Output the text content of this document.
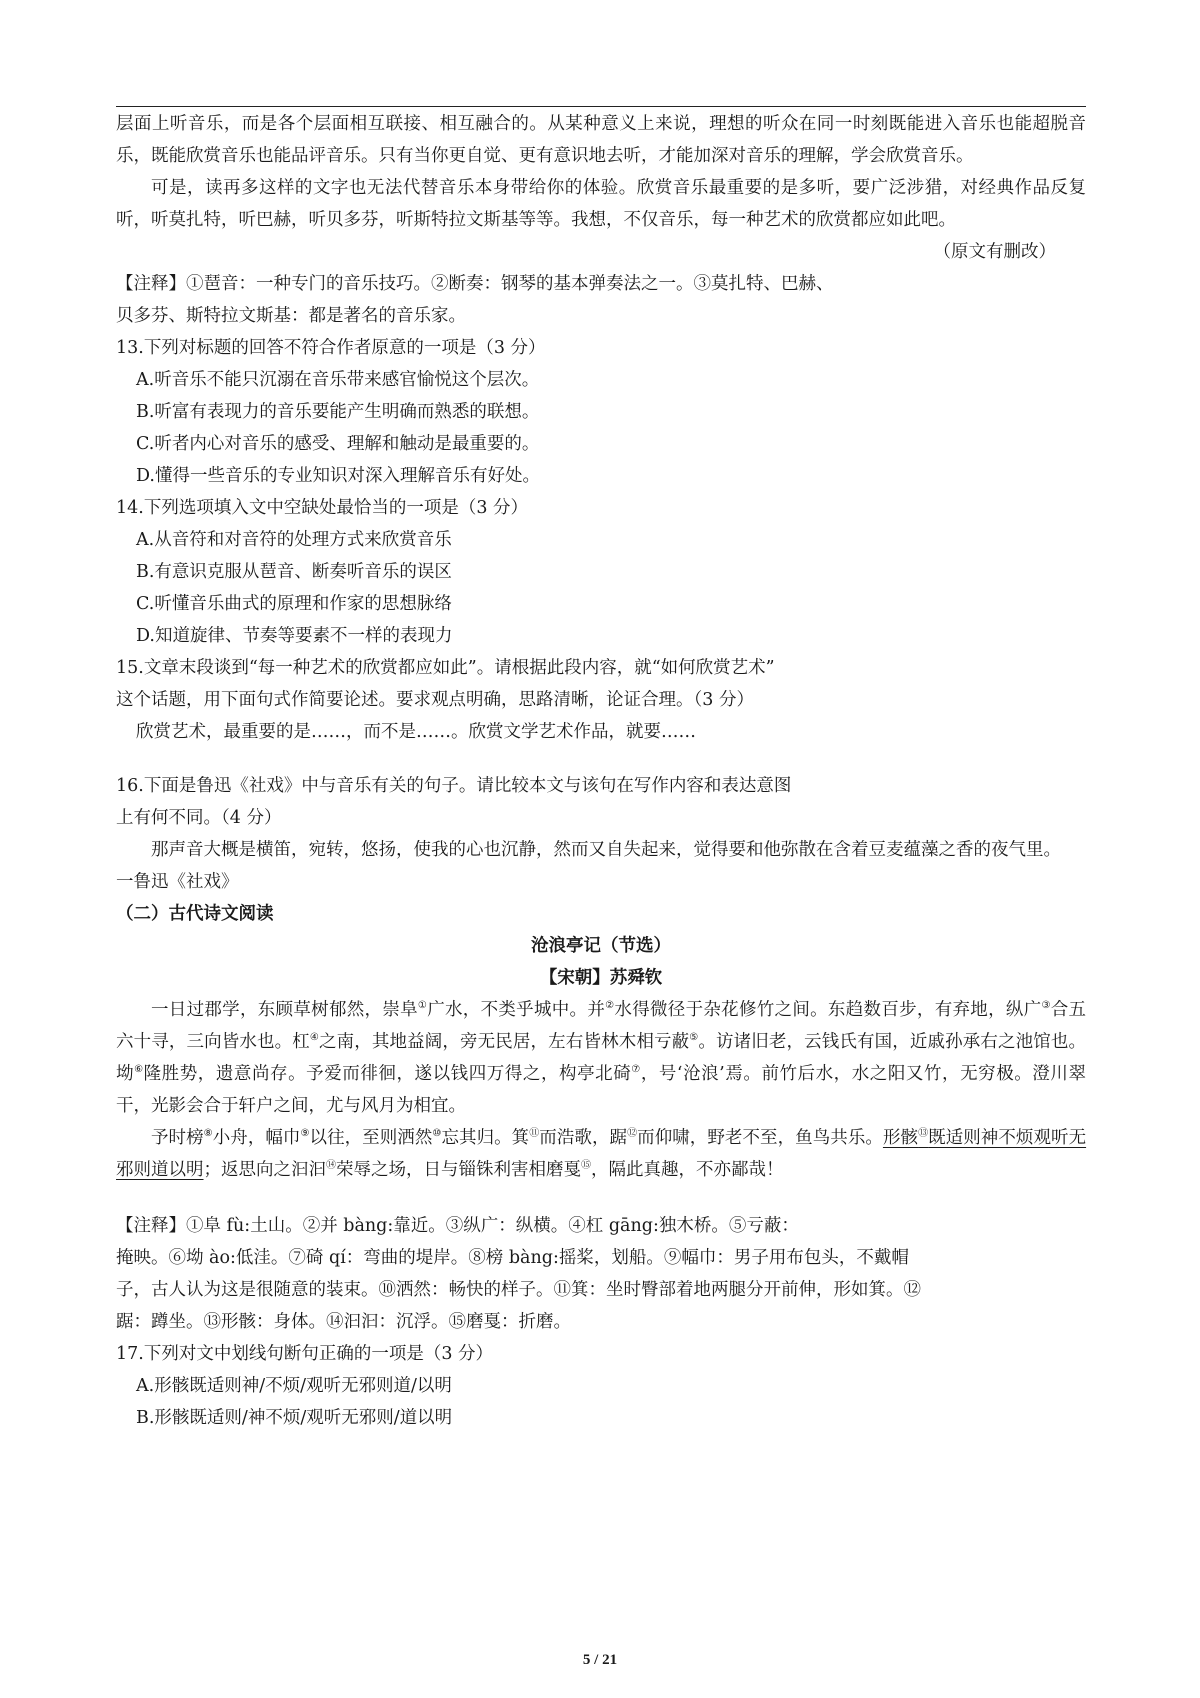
层面上听音乐，而是各个层面相互联接、相互融合的。从某种意义上来说，理想的听众在同一时刻既能进入音乐也能超脱音乐，既能欣赏音乐也能品评音乐。只有当你更自觉、更有意识地去听，才能加深对音乐的理解，学会欣赏音乐。

可是，读再多这样的文字也无法代替音乐本身带给你的体验。欣赏音乐最重要的是多听，要广泛涉猎，对经典作品反复听，听莫扎特，听巴赫，听贝多芬，听斯特拉文斯基等等。我想，不仅音乐，每一种艺术的欣赏都应如此吧。

（原文有删改）

【注释】①琶音：一种专门的音乐技巧。②断奏：钢琴的基本弹奏法之一。③莫扎特、巴赫、

贝多芬、斯特拉文斯基：都是著名的音乐家。

13.下列对标题的回答不符合作者原意的一项是（3 分）

A.听音乐不能只沉溺在音乐带来感官愉悦这个层次。

B.听富有表现力的音乐要能产生明确而熟悉的联想。

C.听者内心对音乐的感受、理解和触动是最重要的。

D.懂得一些音乐的专业知识对深入理解音乐有好处。

14.下列选项填入文中空缺处最恰当的一项是（3 分）

A.从音符和对音符的处理方式来欣赏音乐

B.有意识克服从琶音、断奏听音乐的误区

C.听懂音乐曲式的原理和作家的思想脉络

D.知道旋律、节奏等要素不一样的表现力

15.文章末段谈到“每一种艺术的欣赏都应如此”。请根据此段内容，就“如何欣赏艺术”

这个话题，用下面句式作简要论述。要求观点明确，思路清晰，论证合理。（3 分）

欣赏艺术，最重要的是……，而不是……。欣赏文学艺术作品，就要……

16.下面是鲁迅《社戏》中与音乐有关的句子。请比较本文与该句在写作内容和表达意图

上有何不同。（4 分）

那声音大概是横笛，宛转，悠扬，使我的心也沉静，然而又自失起来，觉得要和他弥散在含着豆麦蕴藻之香的夜气里。

一鲁迅《社戏》

（二）古代诗文阅读

沧浪亭记（节选）

【宋朝】苏舜钦

一日过郡学，东顾草树郁然，崇阜①广水，不类乎城中。并②水得微径于杂花修竹之间。东趋数百步，有弃地，纵广③合五六十寻，三向皆水也。杠④之南，其地益阔，旁无民居，左右皆林木相亏蔽⑤。访诸旧老，云钱氏有国，近戚孙承右之池馆也。坳⑥隆胜势，遗意尚存。予爱而徘徊，遂以钱四万得之，构亭北碕⑦，号‘沧浪’焉。前竹后水，水之阳又竹，无穷极。澄川翠干，光影会合于轩户之间，尤与风月为相宜。

予时榜⑧小舟，幅巾⑨以往，至则洒然⑩忘其归。箕⑪而浩歌，踞⑫而仰啸，野老不至，鱼鸟共乐。形骸⑬既适则神不烦观听无邪则道以明；返思向之汩汩⑭荣辱之场，日与锱铢利害相磨戛⑮，隔此真趣，不亦鄙哉！

【注释】①阜 fù:土山。②并 bàng:靠近。③纵广：纵横。④杠 gāng:独木桥。⑤亏蔽：

掩映。⑥坳 ào:低洼。⑦碕 qí：弯曲的堤岸。⑧榜 bàng:摇桨，划船。⑨幅巾：男子用布包头，不戴帽

子，古人认为这是很随意的装束。⑩洒然：畅快的样子。⑪箕：坐时臀部着地两腿分开前伸，形如箕。⑫

踞：蹲坐。⑬形骸：身体。⑭汩汩：沉浮。⑮磨戛：折磨。

17.下列对文中划线句断句正确的一项是（3 分）

A.形骸既适则神/不烦/观听无邪则道/以明

B.形骸既适则/神不烦/观听无邪则/道以明

5 / 21
